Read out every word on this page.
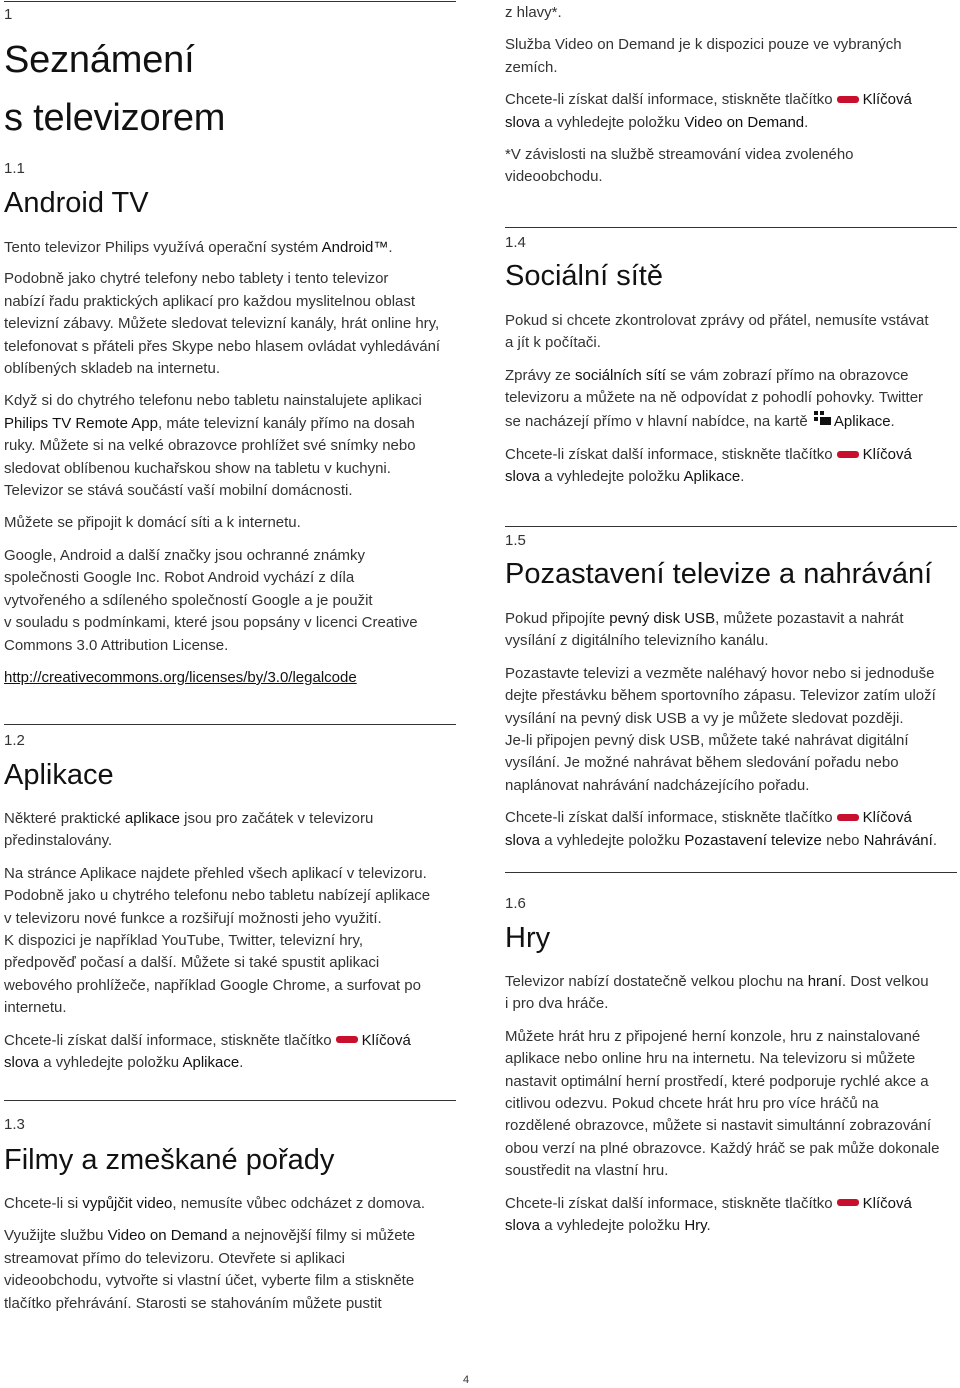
1

Seznámení
s televizorem

1.1

Android TV

Tento televizor Philips využívá operační systém Android™.

Podobně jako chytré telefony nebo tablety i tento televizor
nabízí řadu praktických aplikací pro každou myslitelnou oblast
televizní zábavy. Můžete sledovat televizní kanály, hrát online hry,
telefonovat s přáteli přes Skype nebo hlasem ovládat vyhledávání
oblíbených skladeb na internetu.

Když si do chytrého telefonu nebo tabletu nainstalujete aplikaci
Philips TV Remote App, máte televizní kanály přímo na dosah
ruky. Můžete si na velké obrazovce prohlížet své snímky nebo
sledovat oblíbenou kuchařskou show na tabletu v kuchyni.
Televizor se stává součástí vaší mobilní domácnosti.

Můžete se připojit k domácí síti a k internetu.

Google, Android a další značky jsou ochranné známky
společnosti Google Inc. Robot Android vychází z díla
vytvořeného a sdíleného společností Google a je použit
v souladu s podmínkami, které jsou popsány v licenci Creative
Commons 3.0 Attribution License.

http://creativecommons.org/licenses/by/3.0/legalcode

1.2

Aplikace

Některé praktické aplikace jsou pro začátek v televizoru
předinstalovány.

Na stránce Aplikace najdete přehled všech aplikací v televizoru.
Podobně jako u chytrého telefonu nebo tabletu nabízejí aplikace
v televizoru nové funkce a rozšiřují možnosti jeho využití.
K dispozici je například YouTube, Twitter, televizní hry,
předpověď počasí a další. Můžete si také spustit aplikaci
webového prohlížeče, například Google Chrome, a surfovat po
internetu.

Chcete-li získat další informace, stiskněte tlačítko Klíčová
slova a vyhledejte položku Aplikace.

1.3

Filmy a zmeškané pořady

Chcete-li si vypůjčit video, nemusíte vůbec odcházet z domova.

Využijte službu Video on Demand a nejnovější filmy si můžete
streamovat přímo do televizoru. Otevřete si aplikaci
videoobchodu, vytvořte si vlastní účet, vyberte film a stiskněte
tlačítko přehrávání. Starosti se stahováním můžete pustit

z hlavy*.

Služba Video on Demand je k dispozici pouze ve vybraných
zemích.

Chcete-li získat další informace, stiskněte tlačítko Klíčová
slova a vyhledejte položku Video on Demand.

*V závislosti na službě streamování videa zvoleného
videoobchodu.

1.4

Sociální sítě

Pokud si chcete zkontrolovat zprávy od přátel, nemusíte vstávat
a jít k počítači.

Zprávy ze sociálních sítí se vám zobrazí přímo na obrazovce
televizoru a můžete na ně odpovídat z pohodlí pohovky. Twitter
se nacházejí přímo v hlavní nabídce, na kartě Aplikace.

Chcete-li získat další informace, stiskněte tlačítko Klíčová
slova a vyhledejte položku Aplikace.

1.5

Pozastavení televize a nahrávání

Pokud připojíte pevný disk USB, můžete pozastavit a nahrát
vysílání z digitálního televizního kanálu.

Pozastavte televizi a vezměte naléhavý hovor nebo si jednoduše
dejte přestávku během sportovního zápasu. Televizor zatím uloží
vysílání na pevný disk USB a vy je můžete sledovat později.
Je-li připojen pevný disk USB, můžete také nahrávat digitální
vysílání. Je možné nahrávat během sledování pořadu nebo
naplánovat nahrávání nadcházejícího pořadu.

Chcete-li získat další informace, stiskněte tlačítko Klíčová
slova a vyhledejte položku Pozastavení televize nebo Nahrávání.

1.6

Hry

Televizor nabízí dostatečně velkou plochu na hraní. Dost velkou
i pro dva hráče.

Můžete hrát hru z připojené herní konzole, hru z nainstalované
aplikace nebo online hru na internetu. Na televizoru si můžete
nastavit optimální herní prostředí, které podporuje rychlé akce a
citlivou odezvu. Pokud chcete hrát hru pro více hráčů na
rozdělené obrazovce, můžete si nastavit simultánní zobrazování
obou verzí na plné obrazovce. Každý hráč se pak může dokonale
soustředit na vlastní hru.

Chcete-li získat další informace, stiskněte tlačítko Klíčová
slova a vyhledejte položku Hry.

4
